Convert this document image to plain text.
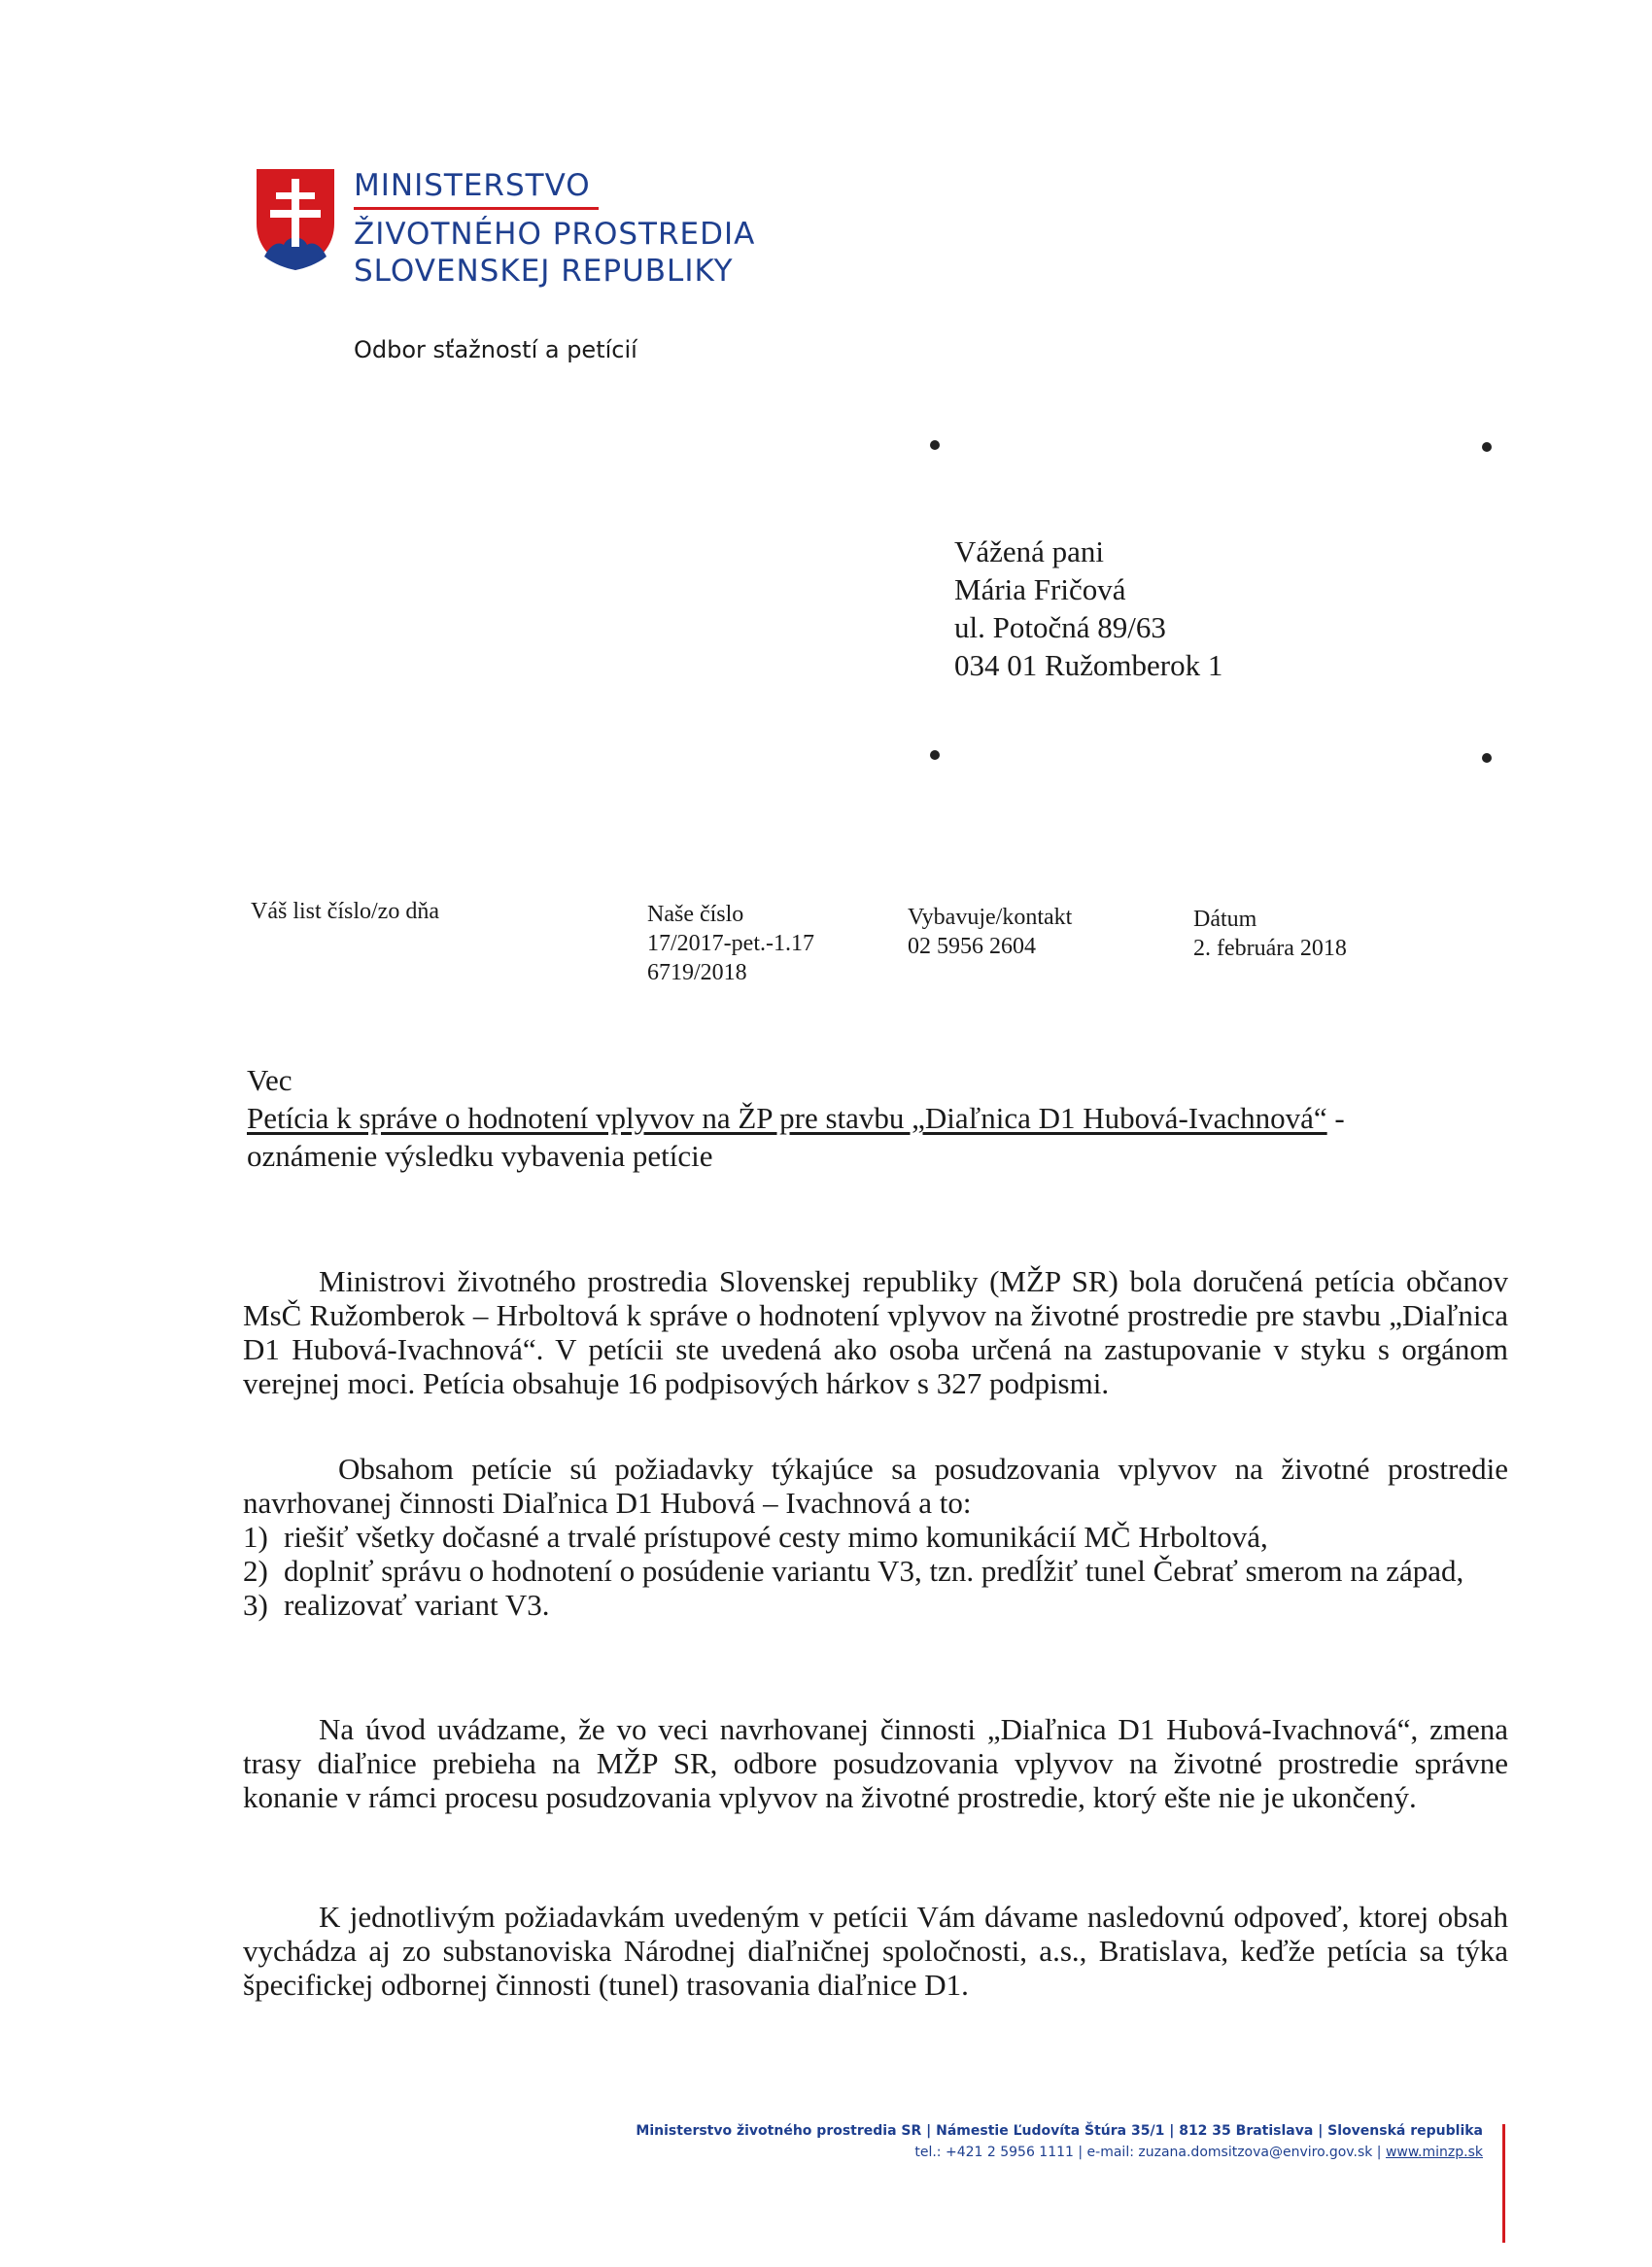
MINISTERSTVO
ŽIVOTNÉHO PROSTREDIA
SLOVENSKEJ REPUBLIKY
Odbor sťažností a petícií
Vážená pani
Mária Fričová
ul. Potočná 89/63
034 01 Ružomberok 1
Váš list číslo/zo dňa	Naše číslo
17/2017-pet.-1.17
6719/2018
Vybavuje/kontakt
02 5956 2604
Dátum
2. februára 2018
Vec
Petícia k správe o hodnotení vplyvov na ŽP pre stavbu „Diaľnica D1 Hubová-Ivachnová“ -
oznámenie výsledku vybavenia petície
Ministrovi životného prostredia Slovenskej republiky (MŽP SR) bola doručená petícia občanov MsČ Ružomberok – Hrboltová k správe o hodnotení vplyvov na životné prostredie pre stavbu „Diaľnica D1 Hubová-Ivachnová“. V petícii ste uvedená ako osoba určená na zastupovanie v styku s orgánom verejnej moci. Petícia obsahuje 16 podpisových hárkov s 327 podpismi.
Obsahom petície sú požiadavky týkajúce sa posudzovania vplyvov na životné prostredie navrhovanej činnosti Diaľnica D1 Hubová – Ivachnová a to:
1) riešiť všetky dočasné a trvalé prístupové cesty mimo komunikácií MČ Hrboltová,
2) doplniť správu o hodnotení o posúdenie variantu V3, tzn. predĺžiť tunel Čebrať smerom na západ,
3) realizovať variant V3.
Na úvod uvádzame, že vo veci navrhovanej činnosti „Diaľnica D1 Hubová-Ivachnová“, zmena trasy diaľnice prebieha na MŽP SR, odbore posudzovania vplyvov na životné prostredie správne konanie v rámci procesu posudzovania vplyvov na životné prostredie, ktorý ešte nie je ukončený.
K jednotlivým požiadavkám uvedeným v petícii Vám dávame nasledovnú odpoveď, ktorej obsah vychádza aj zo substanoviska Národnej diaľničnej spoločnosti, a.s., Bratislava, keďže petícia sa týka špecifickej odbornej činnosti (tunel) trasovania diaľnice D1.
Ministerstvo životného prostredia SR | Námestie Ľudovíta Štúra 35/1 | 812 35 Bratislava | Slovenská republika
tel.: +421 2 5956 1111 | e-mail: zuzana.domsitzova@enviro.gov.sk | www.minzp.sk
